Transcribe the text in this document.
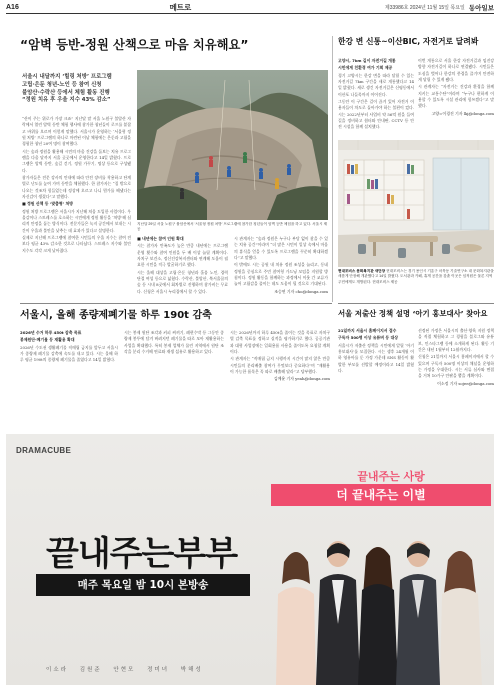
A16	메트로	제33986호 2024년 11월 15일 목요일 동아일보
“암벽 등반-정원 산책으로 마음 치유해요”
서울시 내달까지 ‘힐링 처방’ 프로그램
고립·은둔 청년-노인 등 참여 신청
불암산·수락산 등에서 체험 활동 진행
“정원 치유 후 우울 지수 43% 감소”

“산이 주는 위로가 가장 크죠” 지난달 말 서울 노원구 불암산 자락에서 열린 암벽 등반 체험 행사에 참가한 청년들이 로프를 붙잡고 바위를 오르며 이렇게 말했다. 서울시가 운영하는 ‘서울형 정원 처방’ 프로그램의 하나로 마련된 이날 체험에는 은둔과 고립을 경험한 청년 20여 명이 참여했다.

시는 숲과 정원을 활용해 시민의 마음 건강을 돌보는 치유 프로그램을 다음 달까지 서울 곳곳에서 운영한다고 14일 밝혔다. 프로그램은 암벽 등반, 숲길 걷기, 정원 가꾸기, 명상 등으로 구성됐다.

참가자들은 전문 강사의 안내에 따라 안전 장비를 착용하고 단계별로 난도를 높여 가며 등반을 체험했다. 한 참가자는 “집 밖으로 나오는 것조차 힘들었는데 정상에 오르고 나니 뭔가를 해냈다는 자신감이 생겼다”고 말했다.

■ 정원 산책 등 ‘맞춤형’ 처방

정원 처방 프로그램은 서울시가 지난해 처음 도입한 사업이다. 우울감이나 스트레스를 호소하는 시민에게 정원 활동을 ‘처방’해 심리적 안정을 돕는 방식이다. 전문가들은 녹지 공간에서 보내는 시간이 우울과 불안을 낮추는 데 효과가 있다고 설명한다.

실제로 지난해 프로그램에 참여한 시민들의 우울 지수는 참여 전보다 평균 43% 감소한 것으로 나타났다. 스트레스 지수와 불안 지수도 각각 크게 낮아졌다.

지난달 29일 서울 노원구 불암산에서 ‘서울형 정원 처방’ 프로그램에 참가한 청년들이 암벽 등반 체험을 하고 있다. 서울시 제공

■ 내년에는 참여 인원 확대

시는 참가자 만족도가 높은 만큼 내년에는 프로그램 운영 횟수와 참여 인원을 두 배 이상 늘릴 계획이다. 자치구 보건소, 정신건강복지센터와 연계해 도움이 필요한 시민을 적극 발굴하기로 했다.

시는 올해 대상을 고립·은둔 청년과 홀몸 노인, 경력 단절 여성 등으로 넓혔다. 수락산, 불암산, 북서울꿈의숲 등 시내 8곳에서 회차별로 진행하며 참가비는 무료다. 신청은 서울시 누리집에서 할 수 있다.

시 관계자는 “숲과 정원은 누구나 부담 없이 찾을 수 있는 치유 공간”이라며 “더 많은 시민이 일상 속에서 마음의 휴식을 얻을 수 있도록 프로그램을 꾸준히 확대하겠다”고 말했다.

이 밖에도 시는 공원 내 치유 정원 조성을 늘리고, 동네 정원을 중심으로 주민 참여형 가드닝 모임을 지원할 방침이다. 정원 활동을 함께하는 과정에서 이웃 간 교류가 늘어 고립감을 줄이는 데도 도움이 될 것으로 기대된다.

조승연 기자 cho@donga.com

한강 변 신통~이산BIC, 자전거로 달려봐

고양시, 7km 길이 자전거길 개통

시민에게 친환경 여가 기회 제공

경기 고양시는 한강 변을 따라 달릴 수 있는 자전거길 7km 구간을 새로 개통했다고 14일 밝혔다. 새로 생긴 자전거길은 신평동에서 이산포 나들목까지 이어진다.

그동안 이 구간은 길이 끊겨 있어 자전거 이용자들이 차도로 돌아가야 하는 불편이 컸다. 시는 2022년부터 사업비 약 56억 원을 들여 길을 정비하고 쉼터와 안내판, CCTV 등 안전 시설을 함께 설치했다.

이번 개통으로 서울 한강 자전거길과 임진강 방향 자전거길이 하나로 연결됐다. 시민들은 도심을 벗어나 한강의 풍경을 즐기며 안전하게 달릴 수 있게 됐다.

시 관계자는 “자전거는 건강과 환경을 함께 지키는 교통수단”이라며 “누구나 편하게 이용할 수 있도록 시설 관리에 힘쓰겠다”고 말했다.

고양=이경진 기자 lkj@donga.com

현대모비스 문화복지관 새단장 현대모비스는 경기 용인시 기흥구 마북동 기술연구소 내 문화복지관을 새롭게 단장해 개관했다고 14일 밝혔다. 도서관과 카페, 휴게 공간을 갖춘 이곳은 임직원은 물론 지역 주민에게도 개방된다. 현대모비스 제공
서울 저출산 정책 설명 ‘아기 홍보대사’ 찾아요

21일까지 서울시 홈페이지서 접수

구독자 500명 이상 유튜버 등 대상

서울시가 저출산 정책을 시민에게 알릴 ‘아기 홍보대사’를 모집한다. 시는 생후 24개월 이하 영유아를 둔 가정 가운데 SNS 활동이 활발한 부모를 선발할 예정이라고 14일 밝혔다.

선정된 가정은 서울시의 출산·양육 지원 정책을 직접 체험하고 그 경험을 블로그와 유튜브, 인스타그램 등에 소개하게 된다. 활동 기간은 내년 1월부터 12월까지다.

신청은 21일까지 서울시 홈페이지에서 할 수 있으며 구독자 500명 이상의 채널을 운영하는 가정을 우대한다. 시는 서류 심사와 면접을 거쳐 10가구 안팎을 뽑을 계획이다.

이소정 기자 sojee@donga.com

서울시, 올해 종량제폐기물 하루 190t 감축

2026년 수거 하루 450t 감축 목표

봉제원단-페기물 등 재활용 확대

2026년 수도권 생활폐기물 직매립 금지를 앞두고 서울시가 종량제 폐기물 감축에 속도를 내고 있다. 시는 올해 하루 평균 190t의 종량제 폐기물을 줄였다고 14일 밝혔다.

시는 봉제 원단 조각과 커피 찌꺼기, 폐현수막 등 그동안 종량제 봉투에 담겨 버려지던 폐기물을 따로 모아 재활용하는 사업을 확대했다. 특히 봉제 업체가 몰린 지역에서 원단 조각을 분리 수거해 연료와 재생 섬유로 활용하고 있다.

시는 2026년까지 하루 450t을 줄이는 것을 목표로 자치구별 감축 목표를 정하고 실적을 평가하기로 했다. 공공기관과 대형 사업장에는 일회용품 사용을 줄이도록 요청할 계획이다.

시 관계자는 “직매립 금지 시행까지 시간이 많지 않은 만큼 시민들의 분리배출 참여가 무엇보다 중요하다”며 “재활용이 가능한 품목은 꼭 따로 배출해 달라”고 당부했다.

김예윤 기자 yeah@donga.com

DRAMACUBE
끝내주는부부
매주 목요일 밤 10시 본방송
끝내주는 사랑
더 끝내주는 이별
이소라 김원준 안현모 정미녀 박해성
